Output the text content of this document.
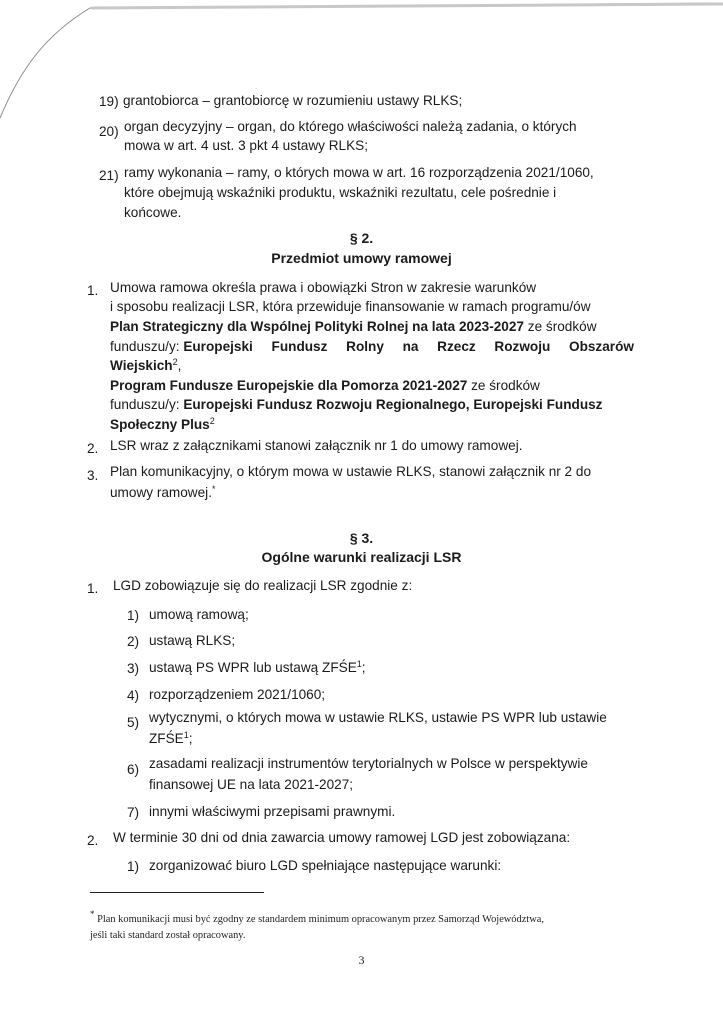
19) grantobiorca – grantobiorcę w rozumieniu ustawy RLKS;
20) organ decyzyjny – organ, do którego właściwości należą zadania, o których
mowa w art. 4 ust. 3 pkt 4 ustawy RLKS;
21) ramy wykonania – ramy, o których mowa w art. 16 rozporządzenia 2021/1060,
które obejmują wskaźniki produktu, wskaźniki rezultatu, cele pośrednie i
końcowe.
§ 2.
Przedmiot umowy ramowej
1. Umowa ramowa określa prawa i obowiązki Stron w zakresie warunków
i sposobu realizacji LSR, która przewiduje finansowanie w ramach programu/ów
Plan Strategiczny dla Wspólnej Polityki Rolnej na lata 2023-2027 ze środków
funduszu/y: Europejski Fundusz Rolny na Rzecz Rozwoju Obszarów
Wiejskich$^2$,
Program Fundusze Europejskie dla Pomorza 2021-2027 ze środków
funduszu/y: Europejski Fundusz Rozwoju Regionalnego, Europejski Fundusz
Społeczny Plus$^2$
2. LSR wraz z załącznikami stanowi załącznik nr 1 do umowy ramowej.
3. Plan komunikacyjny, o którym mowa w ustawie RLKS, stanowi załącznik nr 2 do
umowy ramowej.*
§ 3.
Ogólne warunki realizacji LSR
1. LGD zobowiązuje się do realizacji LSR zgodnie z:
1) umową ramową;
2) ustawą RLKS;
3) ustawą PS WPR lub ustawą ZFŚE$^1$;
4) rozporządzeniem 2021/1060;
5) wytycznymi, o których mowa w ustawie RLKS, ustawie PS WPR lub ustawie
ZFŚE$^1$;
6) zasadami realizacji instrumentów terytorialnych w Polsce w perspektywie
finansowej UE na lata 2021-2027;
7) innymi właściwymi przepisami prawnymi.
2. W terminie 30 dni od dnia zawarcia umowy ramowej LGD jest zobowiązana:
1) zorganizować biuro LGD spełniające następujące warunki:
* Plan komunikacji musi być zgodny ze standardem minimum opracowanym przez Samorząd Województwa,
jeśli taki standard został opracowany.
3
